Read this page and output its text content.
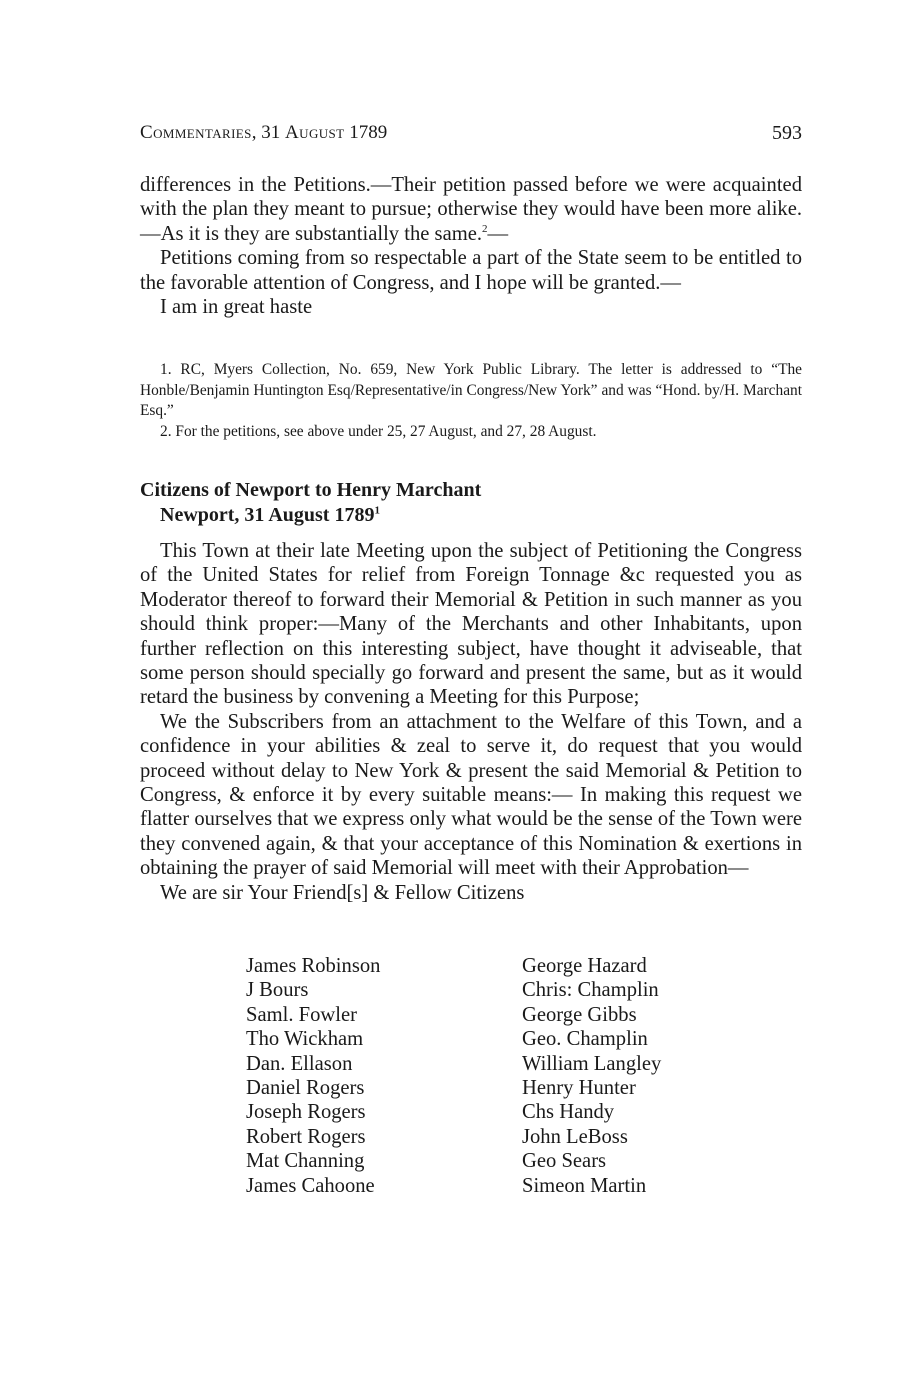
Commentaries, 31 August 1789	593

differences in the Petitions.—Their petition passed before we were acquainted with the plan they meant to pursue; otherwise they would have been more alike.—As it is they are substantially the same.$^2$—

Petitions coming from so respectable a part of the State seem to be entitled to the favorable attention of Congress, and I hope will be granted.—

I am in great haste

1. RC, Myers Collection, No. 659, New York Public Library. The letter is addressed to “The Honble/Benjamin Huntington Esq/Representative/in Congress/New York” and was “Hond. by/H. Marchant Esq.”

2. For the petitions, see above under 25, 27 August, and 27, 28 August.

Citizens of Newport to Henry Marchant
Newport, 31 August 1789$^1$

This Town at their late Meeting upon the subject of Petitioning the Congress of the United States for relief from Foreign Tonnage &c requested you as Moderator thereof to forward their Memorial & Petition in such manner as you should think proper:—Many of the Merchants and other Inhabitants, upon further reflection on this interesting subject, have thought it adviseable, that some person should specially go forward and present the same, but as it would retard the business by convening a Meeting for this Purpose;

We the Subscribers from an attachment to the Welfare of this Town, and a confidence in your abilities & zeal to serve it, do request that you would proceed without delay to New York & present the said Memorial & Petition to Congress, & enforce it by every suitable means:— In making this request we flatter ourselves that we express only what would be the sense of the Town were they convened again, & that your acceptance of this Nomination & exertions in obtaining the prayer of said Memorial will meet with their Approbation—

We are sir Your Friend[s] & Fellow Citizens

James Robinson
J Bours
Saml. Fowler
Tho Wickham
Dan. Ellason
Daniel Rogers
Joseph Rogers
Robert Rogers
Mat Channing
James Cahoone
George Hazard
Chris: Champlin
George Gibbs
Geo. Champlin
William Langley
Henry Hunter
Chs Handy
John LeBoss
Geo Sears
Simeon Martin
